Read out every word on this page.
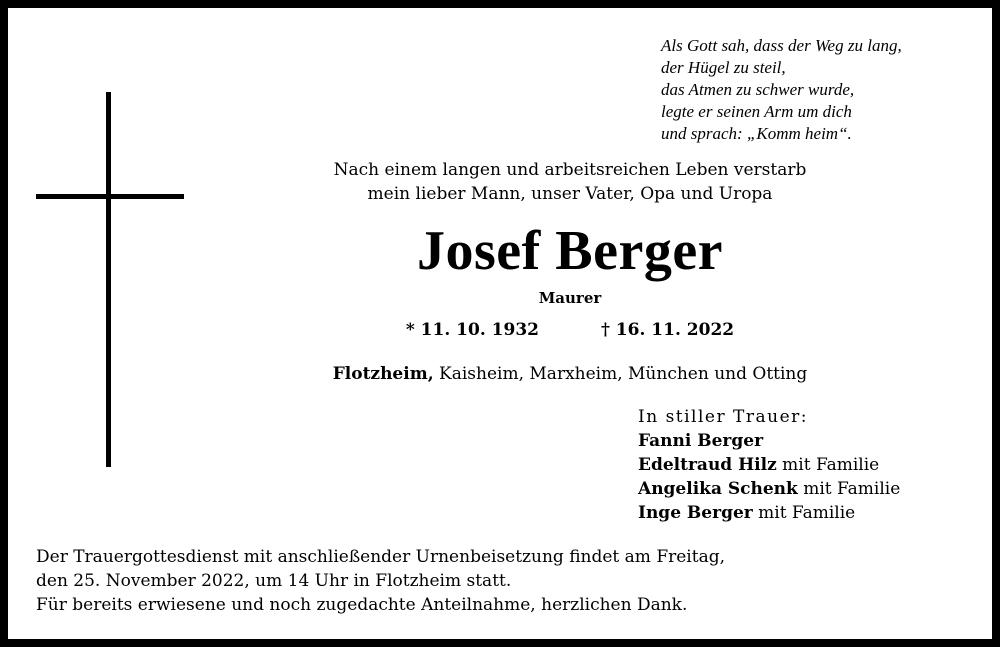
Als Gott sah, dass der Weg zu lang,
der Hügel zu steil,
das Atmen zu schwer wurde,
legte er seinen Arm um dich
und sprach: „Komm heim“.
Nach einem langen und arbeitsreichen Leben verstarb
mein lieber Mann, unser Vater, Opa und Uropa
Josef Berger
Maurer
* 11. 10. 1932	† 16. 11. 2022
Flotzheim, Kaisheim, Marxheim, München und Otting
In stiller Trauer:
Fanni Berger
Edeltraud Hilz mit Familie
Angelika Schenk mit Familie
Inge Berger mit Familie
Der Trauergottesdienst mit anschließender Urnenbeisetzung findet am Freitag,
den 25. November 2022, um 14 Uhr in Flotzheim statt.
Für bereits erwiesene und noch zugedachte Anteilnahme, herzlichen Dank.
